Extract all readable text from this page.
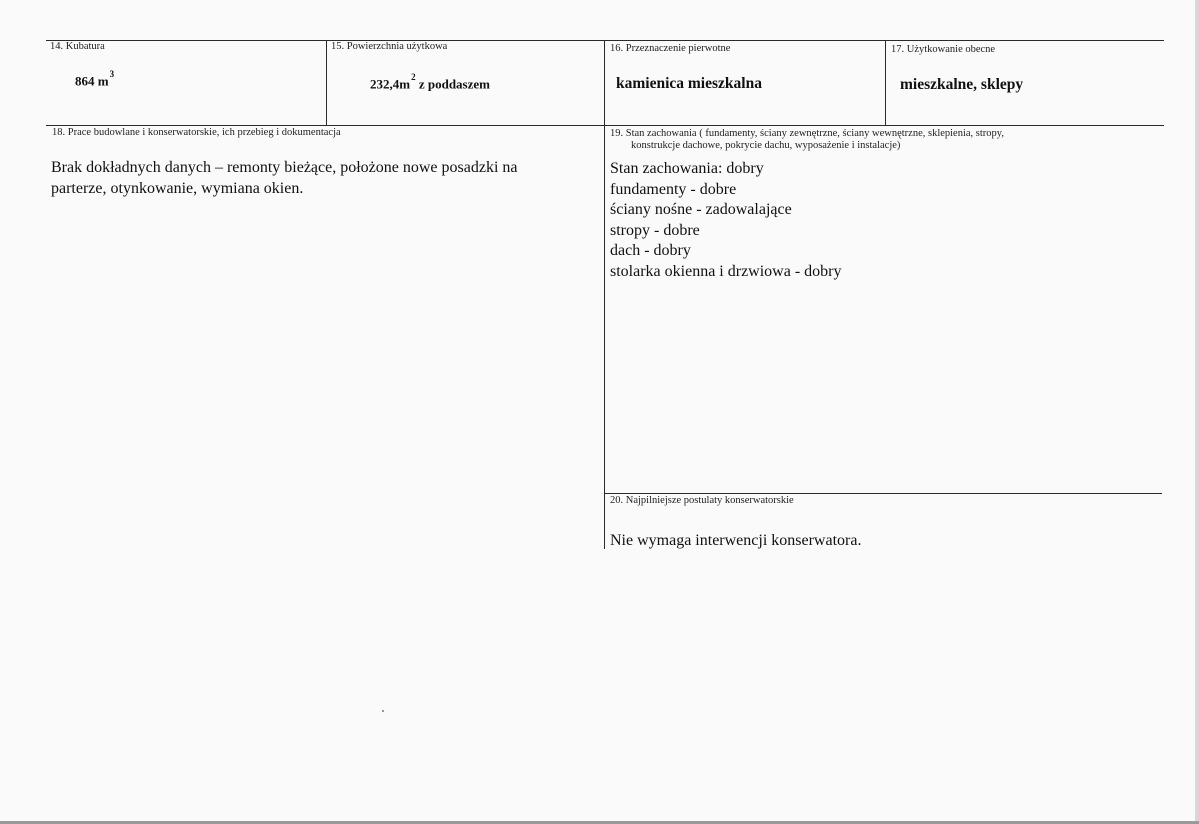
14. Kubatura
864 $m^3$
15. Powierzchnia użytkowa
$232,4m^2$ z poddaszem
16. Przeznaczenie pierwotne
kamienica mieszkalna
17. Użytkowanie obecne
mieszkalne, sklepy
18. Prace budowlane i konserwatorskie, ich przebieg i dokumentacja
Brak dokładnych danych – remonty bieżące, położone nowe posadzki na
parterze, otynkowanie, wymiana okien.
19. Stan zachowania ( fundamenty, ściany zewnętrzne, ściany wewnętrzne, sklepienia, stropy,
konstrukcje dachowe, pokrycie dachu, wyposażenie i instalacje)
Stan zachowania: dobry
fundamenty - dobre
ściany nośne - zadowalające
stropy - dobre
dach - dobry
stolarka okienna i drzwiowa - dobry
20. Najpilniejsze postulaty konserwatorskie
Nie wymaga interwencji konserwatora.
